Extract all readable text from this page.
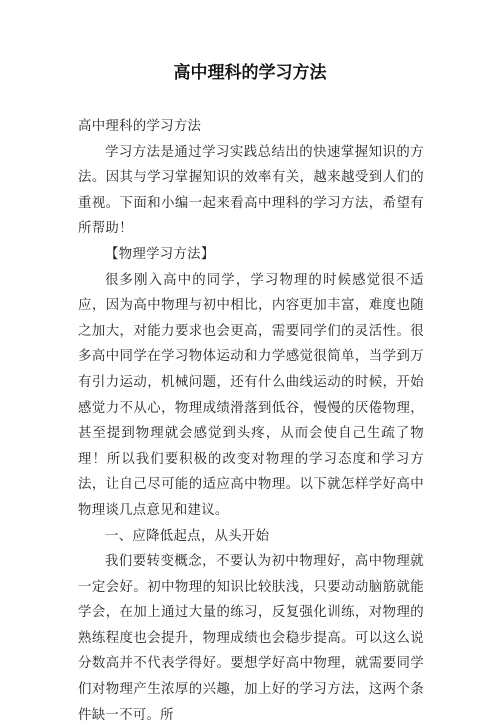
高中理科的学习方法

高中理科的学习方法

学习方法是通过学习实践总结出的快速掌握知识的方法。因其与学习掌握知识的效率有关，越来越受到人们的重视。下面和小编一起来看高中理科的学习方法，希望有所帮助！

【物理学习方法】

很多刚入高中的同学，学习物理的时候感觉很不适应，因为高中物理与初中相比，内容更加丰富，难度也随之加大，对能力要求也会更高，需要同学们的灵活性。很多高中同学在学习物体运动和力学感觉很简单，当学到万有引力运动，机械问题，还有什么曲线运动的时候，开始感觉力不从心，物理成绩滑落到低谷，慢慢的厌倦物理，甚至提到物理就会感觉到头疼，从而会使自己生疏了物理！所以我们要积极的改变对物理的学习态度和学习方法，让自己尽可能的适应高中物理。以下就怎样学好高中物理谈几点意见和建议。

一、应降低起点，从头开始

我们要转变概念，不要认为初中物理好，高中物理就一定会好。初中物理的知识比较肤浅，只要动动脑筋就能学会，在加上通过大量的练习，反复强化训练，对物理的熟练程度也会提升，物理成绩也会稳步提高。可以这么说分数高并不代表学得好。要想学好高中物理，就需要同学们对物理产生浓厚的兴趣，加上好的学习方法，这两个条件缺一不可。所
